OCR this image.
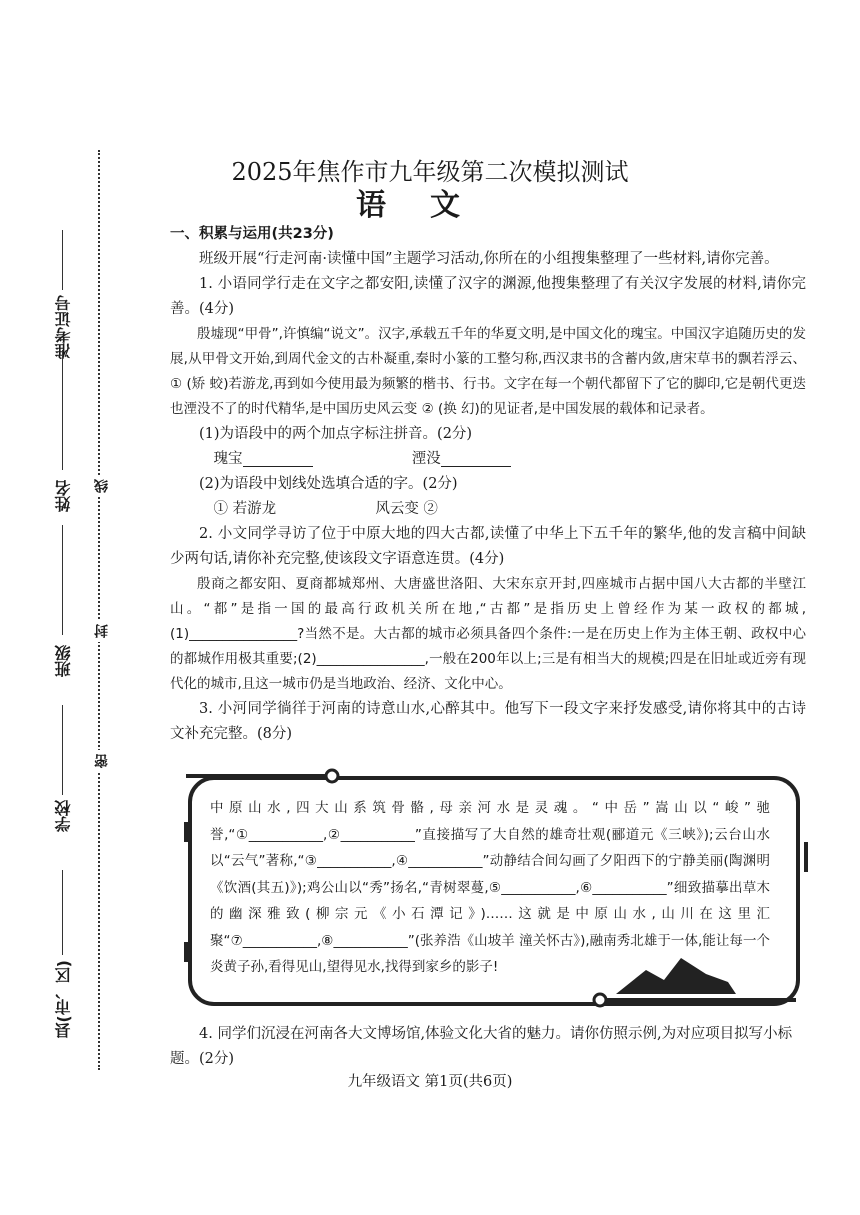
准考证号
姓名
班级
学校
县(市、区)
线
封
密
2025年焦作市九年级第二次模拟测试
语文
一、积累与运用(共23分)

班级开展“行走河南·读懂中国”主题学习活动,你所在的小组搜集整理了一些材料,请你完善。

1. 小语同学行走在文字之都安阳,读懂了汉字的渊源,他搜集整理了有关汉字发展的材料,请你完善。(4分)

殷墟现“甲骨”,许慎编“说文”。汉字,承载五千年的华夏文明,是中国文化的瑰宝。中国汉字追随历史的发展,从甲骨文开始,到周代金文的古朴凝重,秦时小篆的工整匀称,西汉隶书的含蓄内敛,唐宋草书的飘若浮云、 ① (矫 蛟)若游龙,再到如今使用最为频繁的楷书、行书。文字在每一个朝代都留下了它的脚印,它是朝代更迭也湮没不了的时代精华,是中国历史风云变 ② (换 幻)的见证者,是中国发展的载体和记录者。

(1)为语段中的两个加点字标注拼音。(2分)

瑰宝	湮没

(2)为语段中划线处选填合适的字。(2分)

① 若游龙	风云变 ②

2. 小文同学寻访了位于中原大地的四大古都,读懂了中华上下五千年的繁华,他的发言稿中间缺少两句话,请你补充完整,使该段文字语意连贯。(4分)

殷商之都安阳、夏商都城郑州、大唐盛世洛阳、大宋东京开封,四座城市占据中国八大古都的半壁江山。“都”是指一国的最高行政机关所在地,“古都”是指历史上曾经作为某一政权的都城,(1)________________?当然不是。大古都的城市必须具备四个条件:一是在历史上作为主体王朝、政权中心的都城作用极其重要;(2)________________,一般在200年以上;三是有相当大的规模;四是在旧址或近旁有现代化的城市,且这一城市仍是当地政治、经济、文化中心。

3. 小河同学徜徉于河南的诗意山水,心醉其中。他写下一段文字来抒发感受,请你将其中的古诗文补充完整。(8分)

中原山水,四大山系筑骨骼,母亲河水是灵魂。“中岳”嵩山以“峻”驰誉,“①___________,②___________”直接描写了大自然的雄奇壮观(郦道元《三峡》);云台山水以“云气”著称,“③___________,④___________”动静结合间勾画了夕阳西下的宁静美丽(陶渊明《饮酒(其五)》);鸡公山以“秀”扬名,“青树翠蔓,⑤___________,⑥___________”细致描摹出草木的幽深雅致(柳宗元《小石潭记》)……这就是中原山水,山川在这里汇聚“⑦___________,⑧___________”(张养浩《山坡羊 潼关怀古》),融南秀北雄于一体,能让每一个炎黄子孙,看得见山,望得见水,找得到家乡的影子!
4. 同学们沉浸在河南各大文博场馆,体验文化大省的魅力。请你仿照示例,为对应项目拟写小标题。(2分)
九年级语文 第1页(共6页)
